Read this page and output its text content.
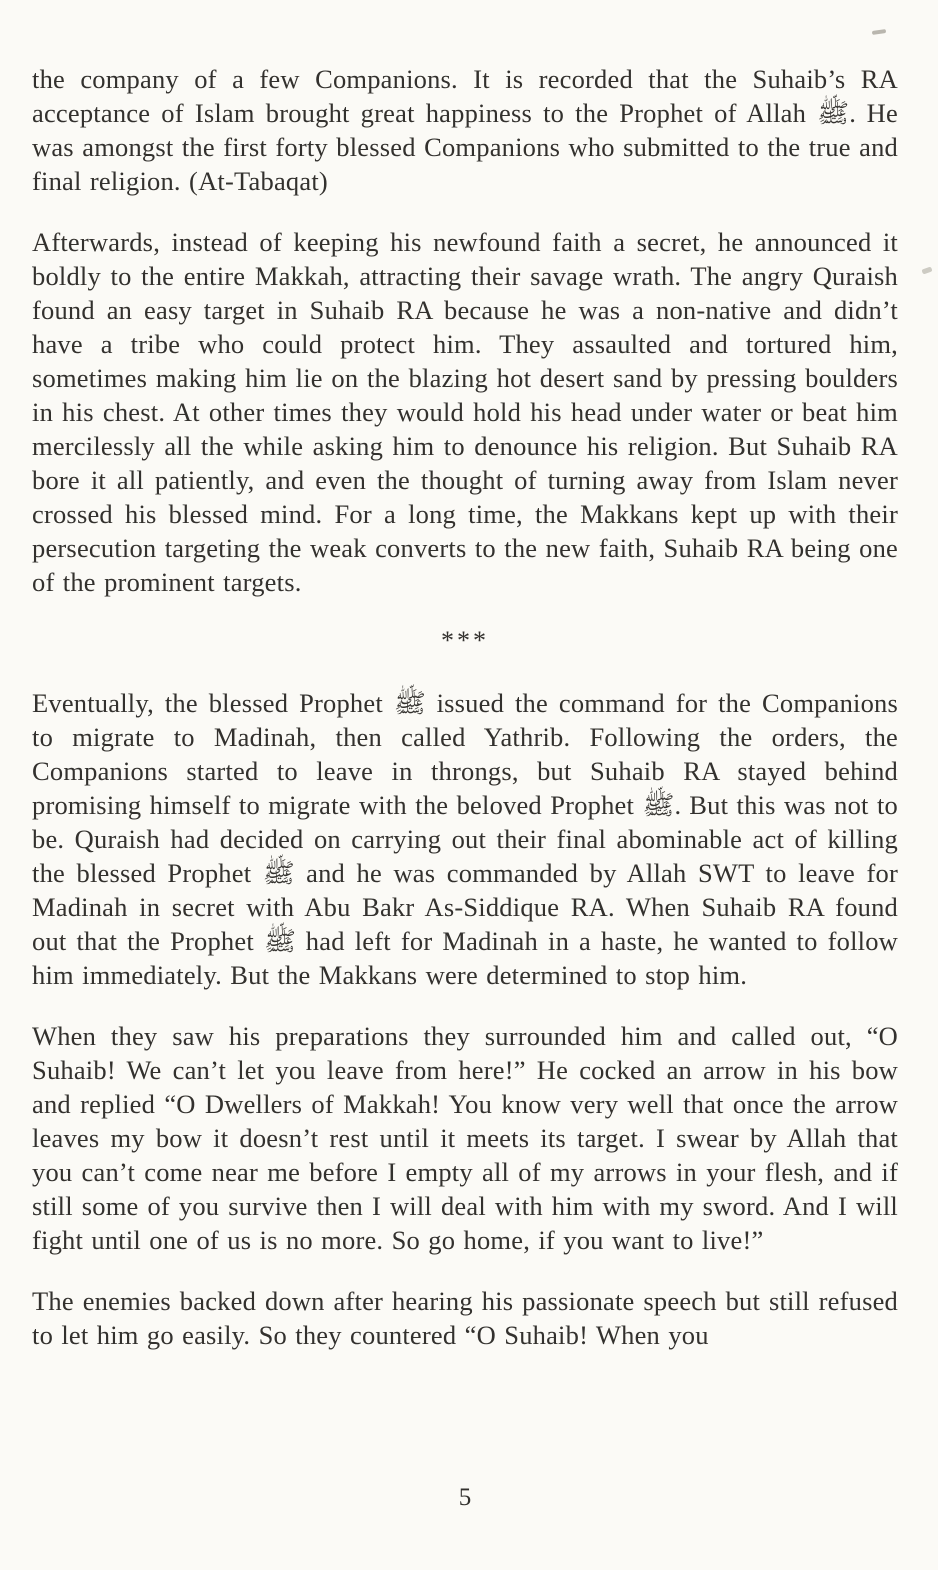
the company of a few Companions. It is recorded that the Suhaib’s RA acceptance of Islam brought great happiness to the Prophet of Allah ﷺ. He was amongst the first forty blessed Companions who submitted to the true and final religion. (At-Tabaqat)

Afterwards, instead of keeping his newfound faith a secret, he announced it boldly to the entire Makkah, attracting their savage wrath. The angry Quraish found an easy target in Suhaib RA because he was a non-native and didn’t have a tribe who could protect him. They assaulted and tortured him, sometimes making him lie on the blazing hot desert sand by pressing boulders in his chest. At other times they would hold his head under water or beat him mercilessly all the while asking him to denounce his religion. But Suhaib RA bore it all patiently, and even the thought of turning away from Islam never crossed his blessed mind. For a long time, the Makkans kept up with their persecution targeting the weak converts to the new faith, Suhaib RA being one of the prominent targets.

***

Eventually, the blessed Prophet ﷺ issued the command for the Companions to migrate to Madinah, then called Yathrib. Following the orders, the Companions started to leave in throngs, but Suhaib RA stayed behind promising himself to migrate with the beloved Prophet ﷺ. But this was not to be. Quraish had decided on carrying out their final abominable act of killing the blessed Prophet ﷺ and he was commanded by Allah SWT to leave for Madinah in secret with Abu Bakr As-Siddique RA. When Suhaib RA found out that the Prophet ﷺ had left for Madinah in a haste, he wanted to follow him immediately. But the Makkans were determined to stop him.

When they saw his preparations they surrounded him and called out, “O Suhaib! We can’t let you leave from here!” He cocked an arrow in his bow and replied “O Dwellers of Makkah! You know very well that once the arrow leaves my bow it doesn’t rest until it meets its target. I swear by Allah that you can’t come near me before I empty all of my arrows in your flesh, and if still some of you survive then I will deal with him with my sword. And I will fight until one of us is no more. So go home, if you want to live!”

The enemies backed down after hearing his passionate speech but still refused to let him go easily. So they countered “O Suhaib! When you

5
